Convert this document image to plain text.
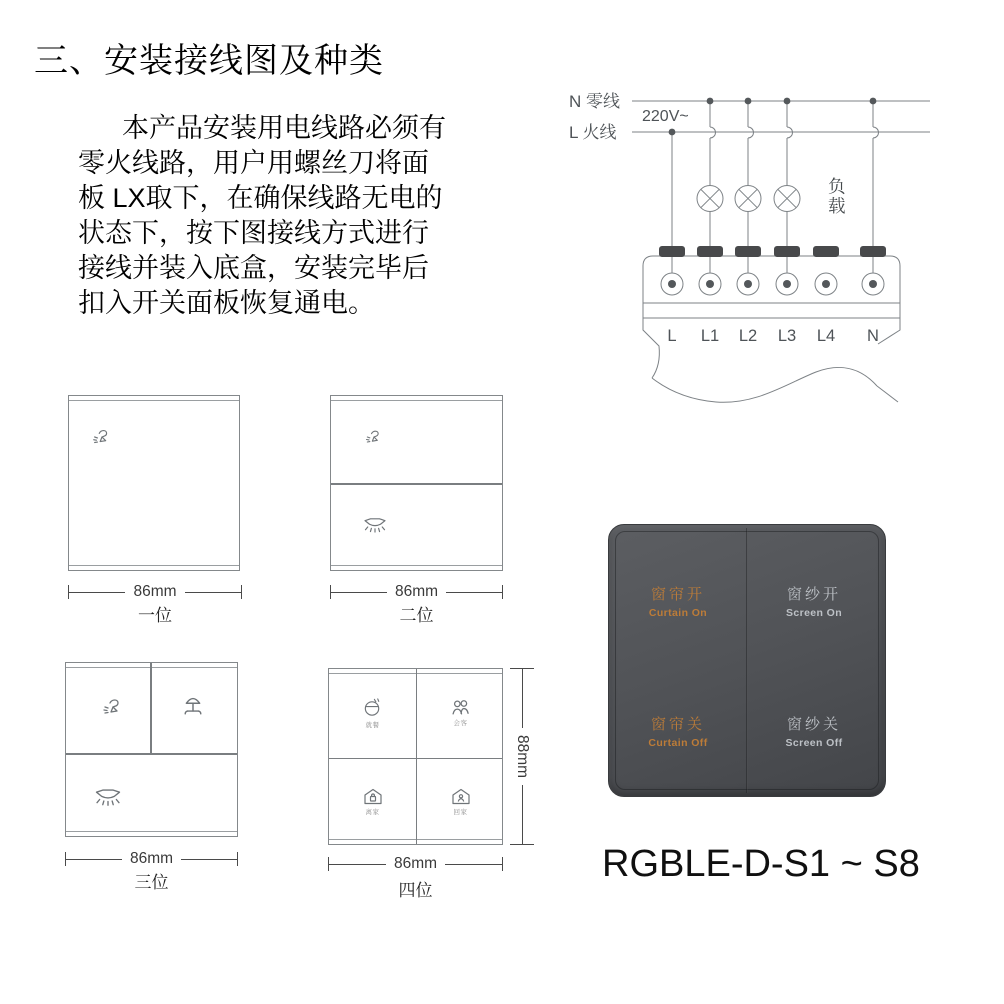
三、安装接线图及种类
本产品安装用电线路必须有
零火线路，用户用螺丝刀将面
板 LX取下，在确保线路无电的
状态下，按下图接线方式进行
接线并装入底盒，安装完毕后
扣入开关面板恢复通电。
N 零线
L 火线
220V~
L L1 L2 L3 L4 N
负载
86mm
一位
86mm
二位
86mm
三位
就餐	会客
离家	回家
88mm
86mm
四位
窗帘开
Curtain On
窗纱开
Screen On
窗帘关
Curtain Off
窗纱关
Screen Off
RGBLE-D-S1 ~ S8
